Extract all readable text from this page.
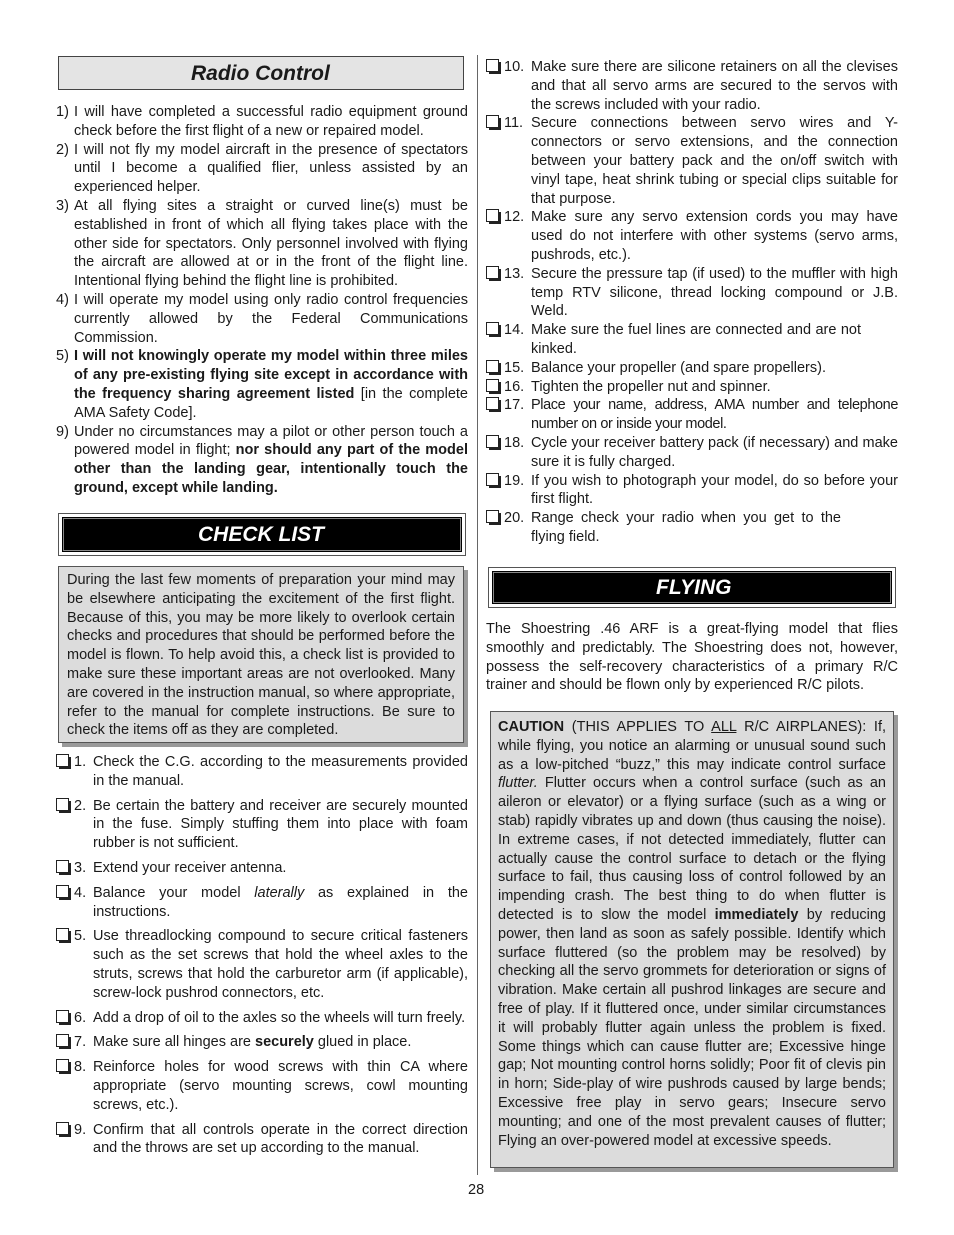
Radio Control
1) I will have completed a successful radio equipment ground check before the first flight of a new or repaired model.
2) I will not fly my model aircraft in the presence of spectators until I become a qualified flier, unless assisted by an experienced helper.
3) At all flying sites a straight or curved line(s) must be established in front of which all flying takes place with the other side for spectators. Only personnel involved with flying the aircraft are allowed at or in the front of the flight line. Intentional flying behind the flight line is prohibited.
4) I will operate my model using only radio control frequencies currently allowed by the Federal Communications Commission.
5) I will not knowingly operate my model within three miles of any pre-existing flying site except in accordance with the frequency sharing agreement listed [in the complete AMA Safety Code].
9) Under no circumstances may a pilot or other person touch a powered model in flight; nor should any part of the model other than the landing gear, intentionally touch the ground, except while landing.
CHECK LIST
During the last few moments of preparation your mind may be elsewhere anticipating the excitement of the first flight. Because of this, you may be more likely to overlook certain checks and procedures that should be performed before the model is flown. To help avoid this, a check list is provided to make sure these important areas are not overlooked. Many are covered in the instruction manual, so where appropriate, refer to the manual for complete instructions. Be sure to check the items off as they are completed.
1. Check the C.G. according to the measurements provided in the manual.
2. Be certain the battery and receiver are securely mounted in the fuse. Simply stuffing them into place with foam rubber is not sufficient.
3. Extend your receiver antenna.
4. Balance your model laterally as explained in the instructions.
5. Use threadlocking compound to secure critical fasteners such as the set screws that hold the wheel axles to the struts, screws that hold the carburetor arm (if applicable), screw-lock pushrod connectors, etc.
6. Add a drop of oil to the axles so the wheels will turn freely.
7. Make sure all hinges are securely glued in place.
8. Reinforce holes for wood screws with thin CA where appropriate (servo mounting screws, cowl mounting screws, etc.).
9. Confirm that all controls operate in the correct direction and the throws are set up according to the manual.
10. Make sure there are silicone retainers on all the clevises and that all servo arms are secured to the servos with the screws included with your radio.
11. Secure connections between servo wires and Y-connectors or servo extensions, and the connection between your battery pack and the on/off switch with vinyl tape, heat shrink tubing or special clips suitable for that purpose.
12. Make sure any servo extension cords you may have used do not interfere with other systems (servo arms, pushrods, etc.).
13. Secure the pressure tap (if used) to the muffler with high temp RTV silicone, thread locking compound or J.B. Weld.
14. Make sure the fuel lines are connected and are not kinked.
15. Balance your propeller (and spare propellers).
16. Tighten the propeller nut and spinner.
17. Place your name, address, AMA number and telephone number on or inside your model.
18. Cycle your receiver battery pack (if necessary) and make sure it is fully charged.
19. If you wish to photograph your model, do so before your first flight.
20. Range check your radio when you get to the flying field.
FLYING
The Shoestring .46 ARF is a great-flying model that flies smoothly and predictably. The Shoestring does not, however, possess the self-recovery characteristics of a primary R/C trainer and should be flown only by experienced R/C pilots.
CAUTION (THIS APPLIES TO ALL R/C AIRPLANES): If, while flying, you notice an alarming or unusual sound such as a low-pitched “buzz,” this may indicate control surface flutter. Flutter occurs when a control surface (such as an aileron or elevator) or a flying surface (such as a wing or stab) rapidly vibrates up and down (thus causing the noise). In extreme cases, if not detected immediately, flutter can actually cause the control surface to detach or the flying surface to fail, thus causing loss of control followed by an impending crash. The best thing to do when flutter is detected is to slow the model immediately by reducing power, then land as soon as safely possible. Identify which surface fluttered (so the problem may be resolved) by checking all the servo grommets for deterioration or signs of vibration. Make certain all pushrod linkages are secure and free of play. If it fluttered once, under similar circumstances it will probably flutter again unless the problem is fixed. Some things which can cause flutter are; Excessive hinge gap; Not mounting control horns solidly; Poor fit of clevis pin in horn; Side-play of wire pushrods caused by large bends; Excessive free play in servo gears; Insecure servo mounting; and one of the most prevalent causes of flutter; Flying an over-powered model at excessive speeds.
28
